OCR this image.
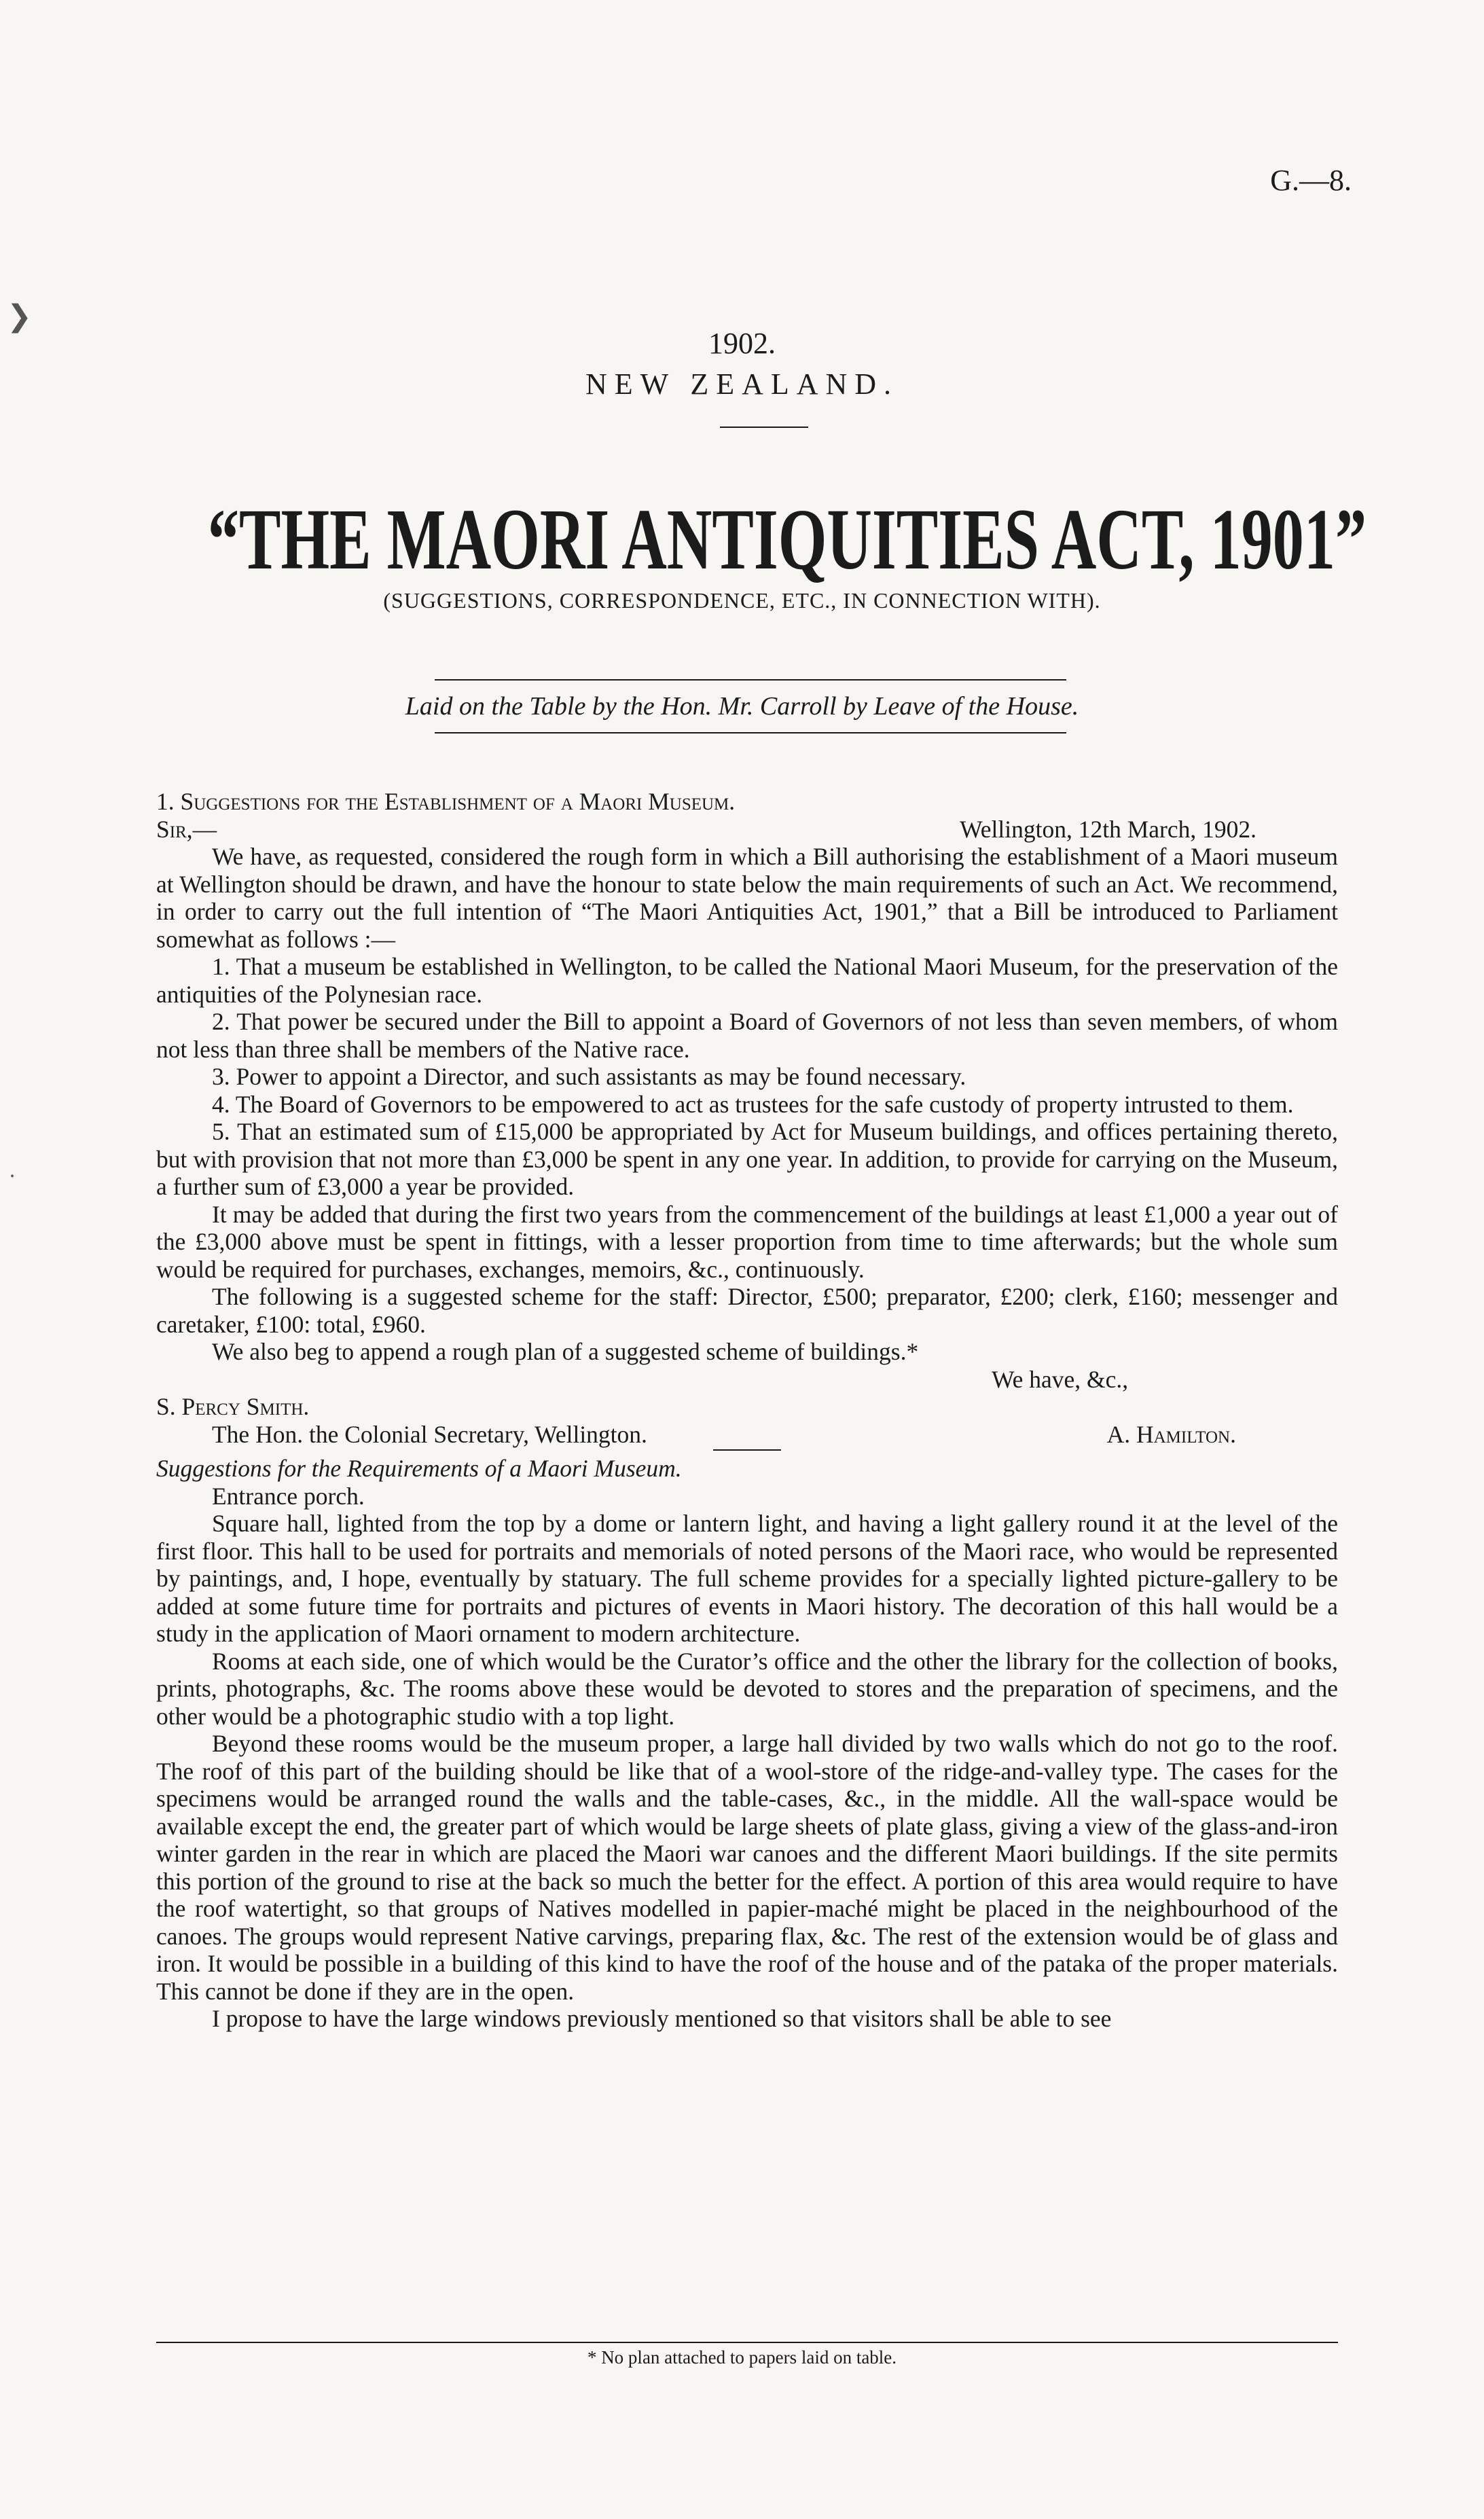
❯
⸱
G.—8.
1902.
NEW ZEALAND.
“THE MAORI ANTIQUITIES ACT, 1901”
(SUGGESTIONS, CORRESPONDENCE, ETC., IN CONNECTION WITH).
Laid on the Table by the Hon. Mr. Carroll by Leave of the House.

1. Suggestions for the Establishment of a Maori Museum.

Sir,—	Wellington, 12th March, 1902.

We have, as requested, considered the rough form in which a Bill authorising the establishment of a Maori museum at Wellington should be drawn, and have the honour to state below the main requirements of such an Act. We recommend, in order to carry out the full intention of “The Maori Antiquities Act, 1901,” that a Bill be introduced to Parliament somewhat as follows :—

1. That a museum be established in Wellington, to be called the National Maori Museum, for the preservation of the antiquities of the Polynesian race.

2. That power be secured under the Bill to appoint a Board of Governors of not less than seven members, of whom not less than three shall be members of the Native race.

3. Power to appoint a Director, and such assistants as may be found necessary.

4. The Board of Governors to be empowered to act as trustees for the safe custody of property intrusted to them.

5. That an estimated sum of £15,000 be appropriated by Act for Museum buildings, and offices pertaining thereto, but with provision that not more than £3,000 be spent in any one year. In addition, to provide for carrying on the Museum, a further sum of £3,000 a year be provided.

It may be added that during the first two years from the commencement of the buildings at least £1,000 a year out of the £3,000 above must be spent in fittings, with a lesser proportion from time to time afterwards; but the whole sum would be required for purchases, exchanges, memoirs, &c., continuously.

The following is a suggested scheme for the staff: Director, £500; preparator, £200; clerk, £160; messenger and caretaker, £100: total, £960.

We also beg to append a rough plan of a suggested scheme of buildings.*

We have, &c.,

S. Percy Smith.

The Hon. the Colonial Secretary, Wellington.	A. Hamilton.

Suggestions for the Requirements of a Maori Museum.

Entrance porch.

Square hall, lighted from the top by a dome or lantern light, and having a light gallery round it at the level of the first floor. This hall to be used for portraits and memorials of noted persons of the Maori race, who would be represented by paintings, and, I hope, eventually by statuary. The full scheme provides for a specially lighted picture-gallery to be added at some future time for portraits and pictures of events in Maori history. The decoration of this hall would be a study in the application of Maori ornament to modern architecture.

Rooms at each side, one of which would be the Curator’s office and the other the library for the collection of books, prints, photographs, &c. The rooms above these would be devoted to stores and the preparation of specimens, and the other would be a photographic studio with a top light.

Beyond these rooms would be the museum proper, a large hall divided by two walls which do not go to the roof. The roof of this part of the building should be like that of a wool-store of the ridge-and-valley type. The cases for the specimens would be arranged round the walls and the table-cases, &c., in the middle. All the wall-space would be available except the end, the greater part of which would be large sheets of plate glass, giving a view of the glass-and-iron winter garden in the rear in which are placed the Maori war canoes and the different Maori buildings. If the site permits this portion of the ground to rise at the back so much the better for the effect. A portion of this area would require to have the roof watertight, so that groups of Natives modelled in papier-maché might be placed in the neighbourhood of the canoes. The groups would represent Native carvings, preparing flax, &c. The rest of the extension would be of glass and iron. It would be possible in a building of this kind to have the roof of the house and of the pataka of the proper materials. This cannot be done if they are in the open.

I propose to have the large windows previously mentioned so that visitors shall be able to see

* No plan attached to papers laid on table.
